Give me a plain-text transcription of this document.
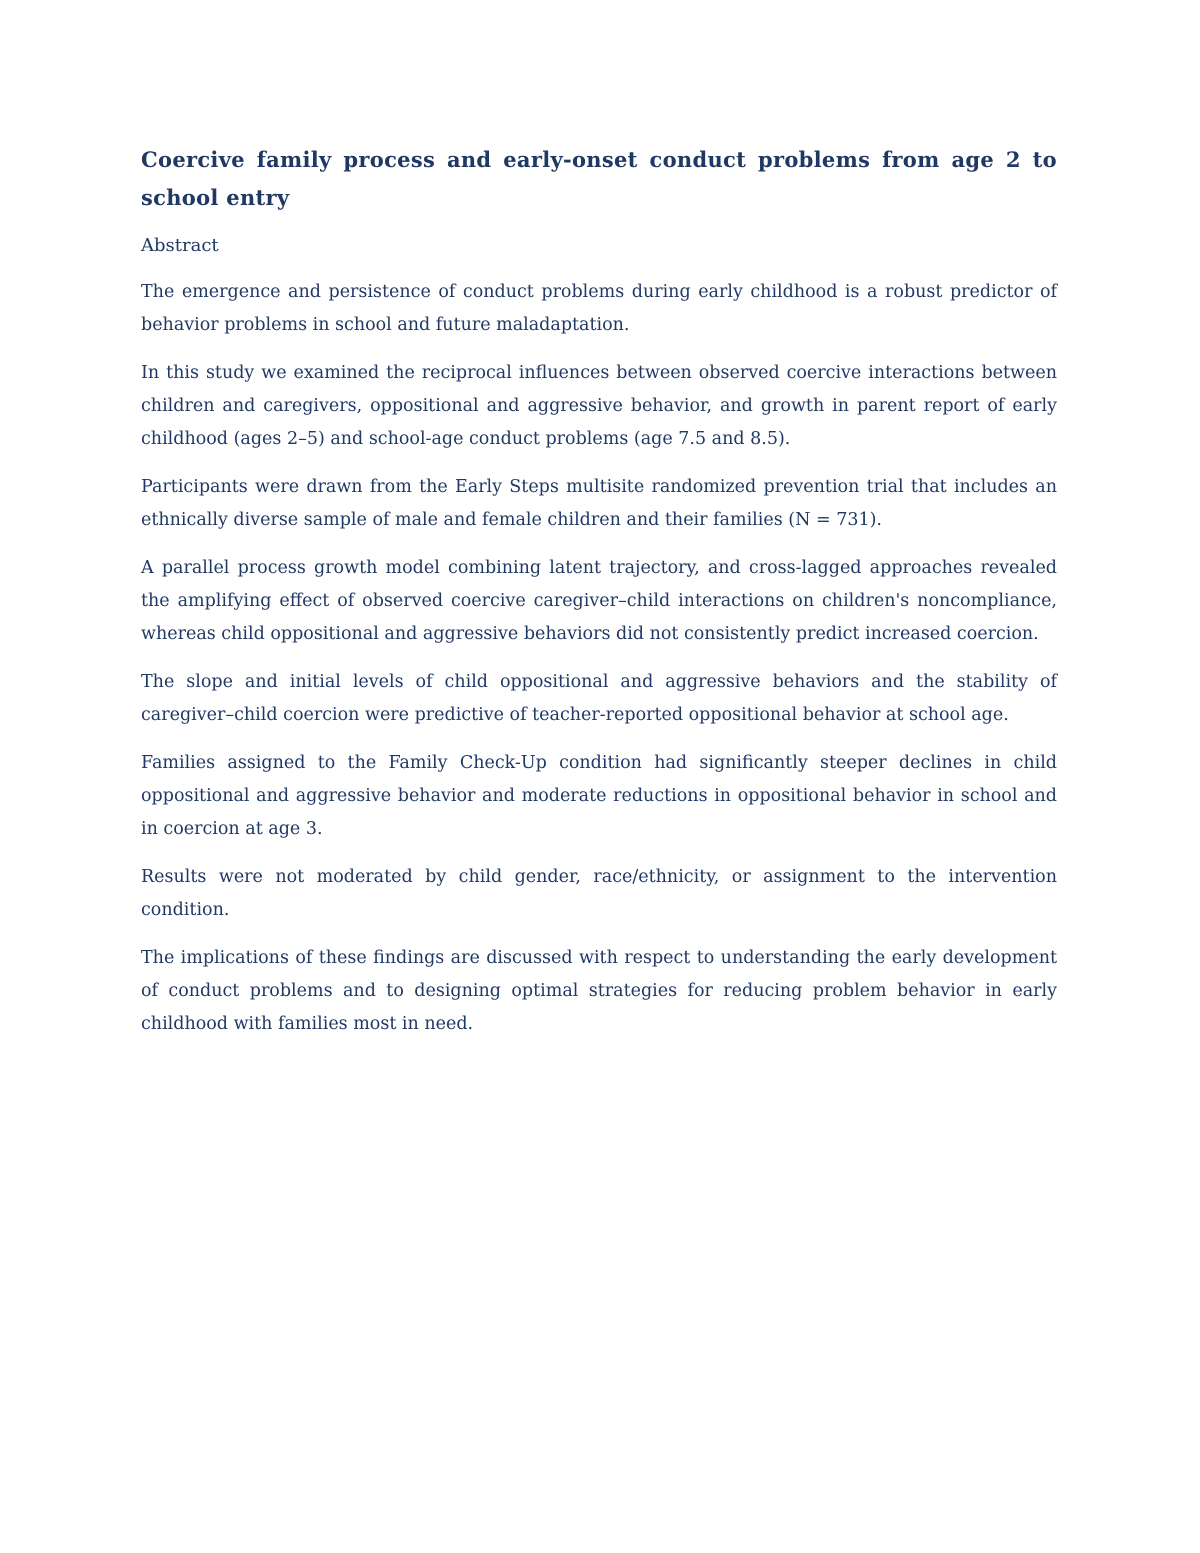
Coercive family process and early-onset conduct problems from age 2 to school entry

Abstract

The emergence and persistence of conduct problems during early childhood is a robust predictor of behavior problems in school and future maladaptation.

In this study we examined the reciprocal influences between observed coercive interactions between children and caregivers, oppositional and aggressive behavior, and growth in parent report of early childhood (ages 2–5) and school-age conduct problems (age 7.5 and 8.5).

Participants were drawn from the Early Steps multisite randomized prevention trial that includes an ethnically diverse sample of male and female children and their families (N = 731).

A parallel process growth model combining latent trajectory, and cross-lagged approaches revealed the amplifying effect of observed coercive caregiver–child interactions on children's noncompliance, whereas child oppositional and aggressive behaviors did not consistently predict increased coercion.

The slope and initial levels of child oppositional and aggressive behaviors and the stability of caregiver–child coercion were predictive of teacher-reported oppositional behavior at school age.

Families assigned to the Family Check-Up condition had significantly steeper declines in child oppositional and aggressive behavior and moderate reductions in oppositional behavior in school and in coercion at age 3.

Results were not moderated by child gender, race/ethnicity, or assignment to the intervention condition.

The implications of these findings are discussed with respect to understanding the early development of conduct problems and to designing optimal strategies for reducing problem behavior in early childhood with families most in need.
